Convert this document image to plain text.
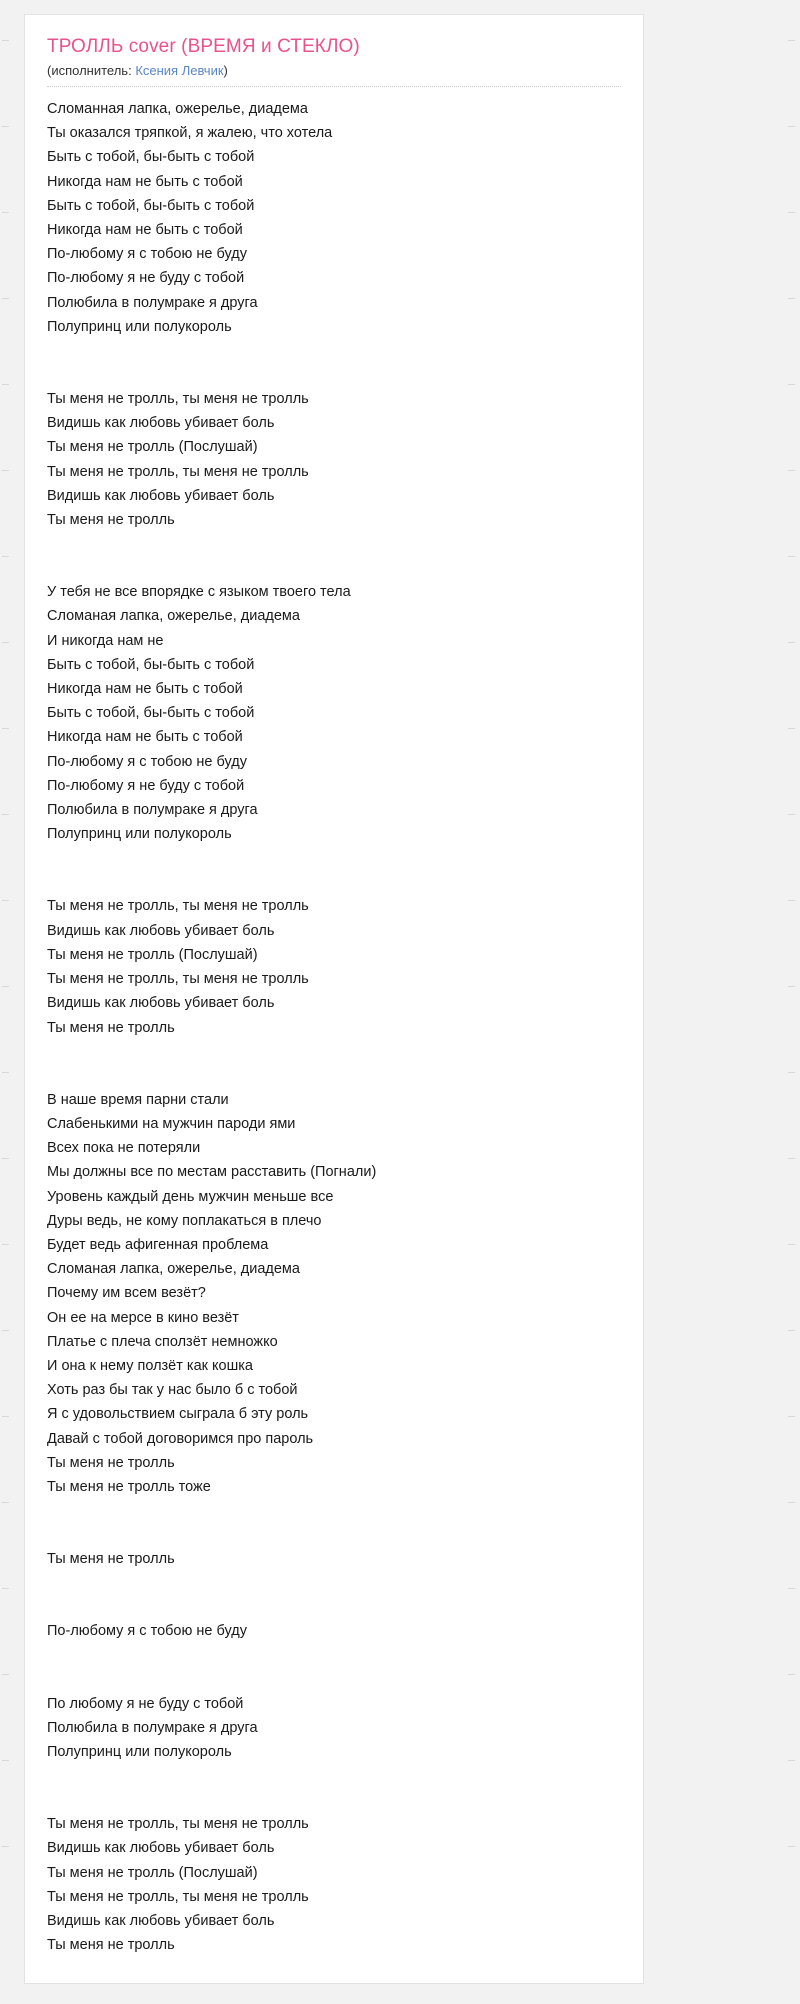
ТРОЛЛЬ cover (ВРЕМЯ и СТЕКЛО)
(исполнитель: Ксения Левчик)
Сломанная лапка, ожерелье, диадема
Ты оказался тряпкой, я жалею, что хотела
Быть с тобой, бы-быть с тобой
Никогда нам не быть с тобой
Быть с тобой, бы-быть с тобой
Никогда нам не быть с тобой
По-любому я с тобою не буду
По-любому я не буду с тобой
Полюбила в полумраке я друга
Полупринц или полукороль
Ты меня не тролль, ты меня не тролль
Видишь как любовь убивает боль
Ты меня не тролль (Послушай)
Ты меня не тролль, ты меня не тролль
Видишь как любовь убивает боль
Ты меня не тролль
У тебя не все впорядке с языком твоего тела
Сломаная лапка, ожерелье, диадема
И никогда нам не
Быть с тобой, бы-быть с тобой
Никогда нам не быть с тобой
Быть с тобой, бы-быть с тобой
Никогда нам не быть с тобой
По-любому я с тобою не буду
По-любому я не буду с тобой
Полюбила в полумраке я друга
Полупринц или полукороль
Ты меня не тролль, ты меня не тролль
Видишь как любовь убивает боль
Ты меня не тролль (Послушай)
Ты меня не тролль, ты меня не тролль
Видишь как любовь убивает боль
Ты меня не тролль
В наше время парни стали
Слабенькими на мужчин пароди ями
Всех пока не потеряли
Мы должны все по местам расставить (Погнали)
Уровень каждый день мужчин меньше все
Дуры ведь, не кому поплакаться в плечо
Будет ведь афигенная проблема
Сломаная лапка, ожерелье, диадема
Почему им всем везёт?
Он ее на мерсе в кино везёт
Платье с плеча сползёт немножко
И она к нему ползёт как кошка
Хоть раз бы так у нас было б с тобой
Я с удовольствием сыграла б эту роль
Давай с тобой договоримся про пароль
Ты меня не тролль
Ты меня не тролль тоже
Ты меня не тролль
По-любому я с тобою не буду
По любому я не буду с тобой
Полюбила в полумраке я друга
Полупринц или полукороль
Ты меня не тролль, ты меня не тролль
Видишь как любовь убивает боль
Ты меня не тролль (Послушай)
Ты меня не тролль, ты меня не тролль
Видишь как любовь убивает боль
Ты меня не тролль
